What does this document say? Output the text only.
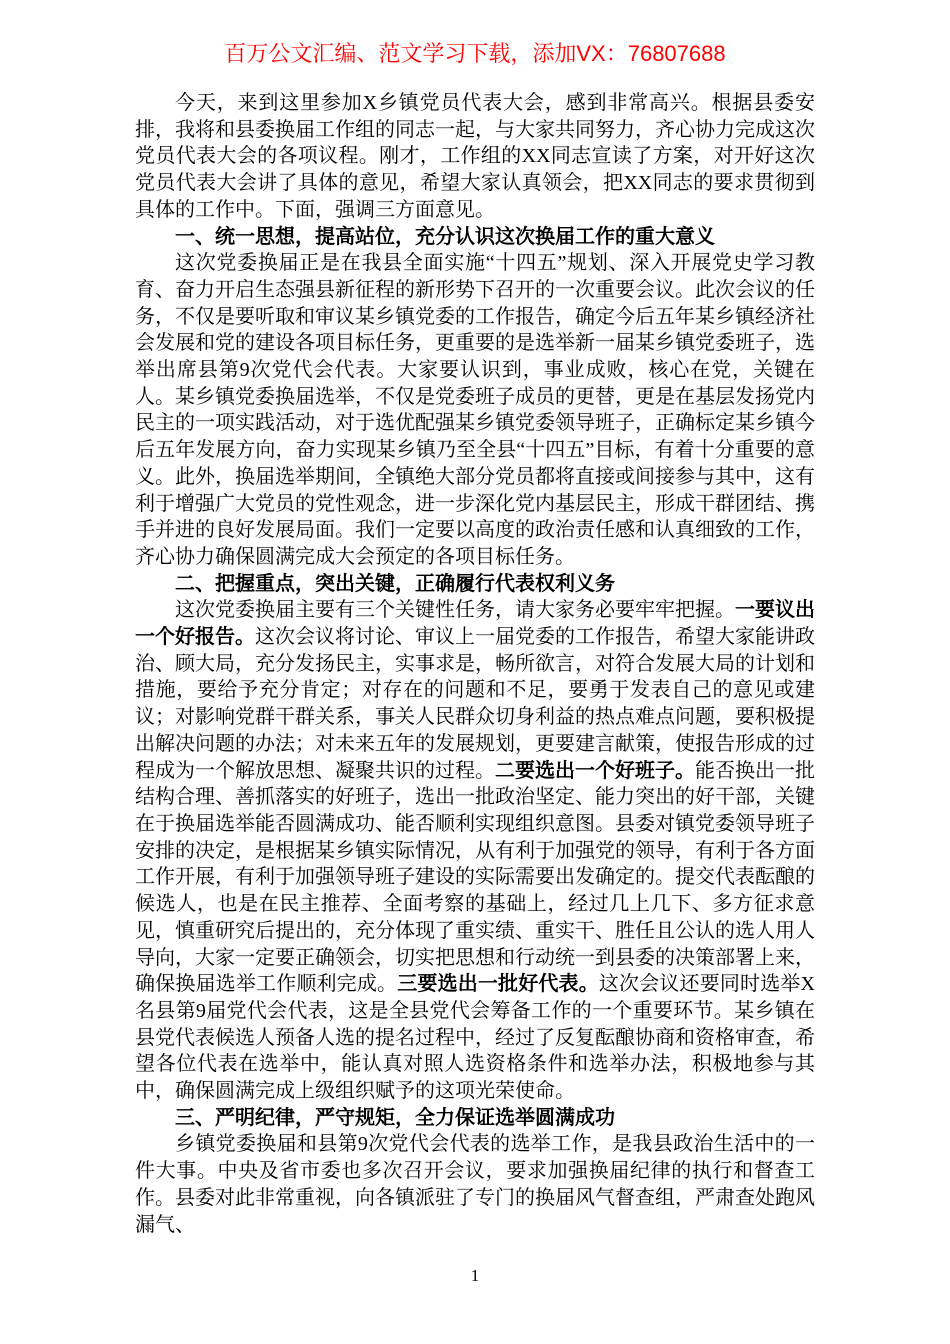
百万公文汇编、范文学习下载，添加VX：76807688

今天，来到这里参加X乡镇党员代表大会，感到非常高兴。根据县委安排，我将和县委换届工作组的同志一起，与大家共同努力，齐心协力完成这次党员代表大会的各项议程。刚才，工作组的XX同志宣读了方案，对开好这次党员代表大会讲了具体的意见，希望大家认真领会，把XX同志的要求贯彻到具体的工作中。下面，强调三方面意见。

一、统一思想，提高站位，充分认识这次换届工作的重大意义

这次党委换届正是在我县全面实施“十四五”规划、深入开展党史学习教育、奋力开启生态强县新征程的新形势下召开的一次重要会议。此次会议的任务，不仅是要听取和审议某乡镇党委的工作报告，确定今后五年某乡镇经济社会发展和党的建设各项目标任务，更重要的是选举新一届某乡镇党委班子，选举出席县第9次党代会代表。大家要认识到，事业成败，核心在党，关键在人。某乡镇党委换届选举，不仅是党委班子成员的更替，更是在基层发扬党内民主的一项实践活动，对于选优配强某乡镇党委领导班子，正确标定某乡镇今后五年发展方向，奋力实现某乡镇乃至全县“十四五”目标，有着十分重要的意义。此外，换届选举期间，全镇绝大部分党员都将直接或间接参与其中，这有利于增强广大党员的党性观念，进一步深化党内基层民主，形成干群团结、携手并进的良好发展局面。我们一定要以高度的政治责任感和认真细致的工作，齐心协力确保圆满完成大会预定的各项目标任务。

二、把握重点，突出关键，正确履行代表权利义务

这次党委换届主要有三个关键性任务，请大家务必要牢牢把握。一要议出一个好报告。这次会议将讨论、审议上一届党委的工作报告，希望大家能讲政治、顾大局，充分发扬民主，实事求是，畅所欲言，对符合发展大局的计划和措施，要给予充分肯定；对存在的问题和不足，要勇于发表自己的意见或建议；对影响党群干群关系，事关人民群众切身利益的热点难点问题，要积极提出解决问题的办法；对未来五年的发展规划，更要建言献策，使报告形成的过程成为一个解放思想、凝聚共识的过程。二要选出一个好班子。能否换出一批结构合理、善抓落实的好班子，选出一批政治坚定、能力突出的好干部，关键在于换届选举能否圆满成功、能否顺利实现组织意图。县委对镇党委领导班子安排的决定，是根据某乡镇实际情况，从有利于加强党的领导，有利于各方面工作开展，有利于加强领导班子建设的实际需要出发确定的。提交代表酝酿的候选人，也是在民主推荐、全面考察的基础上，经过几上几下、多方征求意见，慎重研究后提出的，充分体现了重实绩、重实干、胜任且公认的选人用人导向，大家一定要正确领会，切实把思想和行动统一到县委的决策部署上来，确保换届选举工作顺利完成。三要选出一批好代表。这次会议还要同时选举X名县第9届党代会代表，这是全县党代会筹备工作的一个重要环节。某乡镇在县党代表候选人预备人选的提名过程中，经过了反复酝酿协商和资格审查，希望各位代表在选举中，能认真对照人选资格条件和选举办法，积极地参与其中，确保圆满完成上级组织赋予的这项光荣使命。

三、严明纪律，严守规矩，全力保证选举圆满成功

乡镇党委换届和县第9次党代会代表的选举工作，是我县政治生活中的一件大事。中央及省市委也多次召开会议，要求加强换届纪律的执行和督查工作。县委对此非常重视，向各镇派驻了专门的换届风气督查组，严肃查处跑风漏气、

1
